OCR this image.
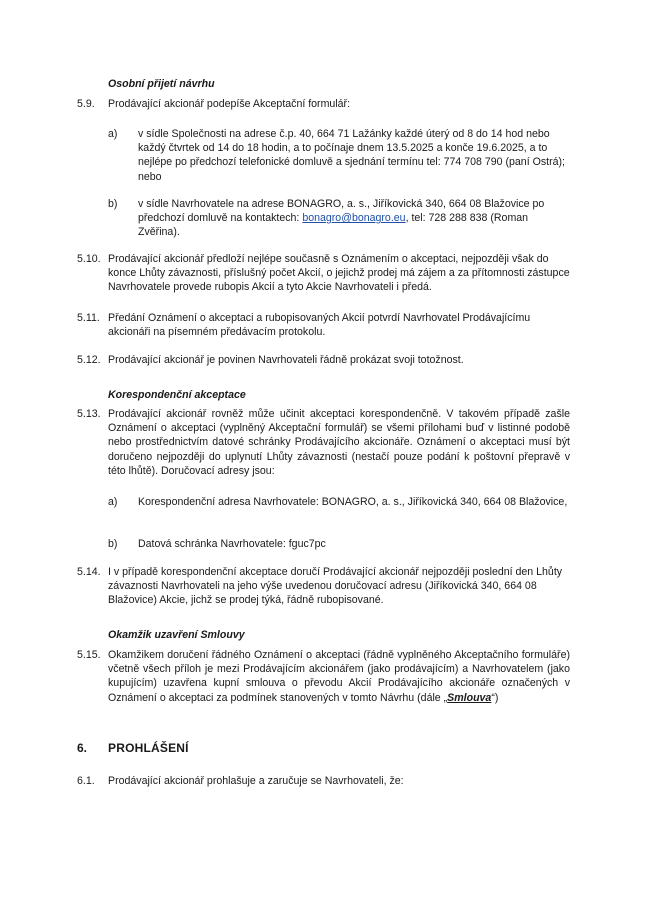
Osobní přijetí návrhu
5.9. Prodávající akcionář podepíše Akceptační formulář:
a) v sídle Společnosti na adrese č.p. 40, 664 71 Lažánky každé úterý od 8 do 14 hod nebo každý čtvrtek od 14 do 18 hodin, a to počínaje dnem 13.5.2025 a konče 19.6.2025, a to nejlépe po předchozí telefonické domluvě a sjednání termínu tel: 774 708 790 (paní Ostrá); nebo
b) v sídle Navrhovatele na adrese BONAGRO, a. s., Jiříkovická 340, 664 08 Blažovice po předchozí domluvě na kontaktech: bonagro@bonagro.eu, tel: 728 288 838 (Roman Zvěřina).
5.10. Prodávající akcionář předloží nejlépe současně s Oznámením o akceptaci, nejpozději však do konce Lhůty závaznosti, příslušný počet Akcií, o jejichž prodej má zájem a za přítomnosti zástupce Navrhovatele provede rubopis Akcií a tyto Akcie Navrhovateli i předá.
5.11. Předání Oznámení o akceptaci a rubopisovaných Akcií potvrdí Navrhovatel Prodávajícímu akcionáři na písemném předávacím protokolu.
5.12. Prodávající akcionář je povinen Navrhovateli řádně prokázat svoji totožnost.
Korespondenční akceptace
5.13. Prodávající akcionář rovněž může učinit akceptaci korespondenčně. V takovém případě zašle Oznámení o akceptaci (vyplněný Akceptační formulář) se všemi přílohami buď v listinné podobě nebo prostřednictvím datové schránky Prodávajícího akcionáře. Oznámení o akceptaci musí být doručeno nejpozději do uplynutí Lhůty závaznosti (nestačí pouze podání k poštovní přepravě v této lhůtě). Doručovací adresy jsou:
a) Korespondenční adresa Navrhovatele: BONAGRO, a. s., Jiříkovická 340, 664 08 Blažovice,
b) Datová schránka Navrhovatele: fguc7pc
5.14. I v případě korespondenční akceptace doručí Prodávající akcionář nejpozději poslední den Lhůty závaznosti Navrhovateli na jeho výše uvedenou doručovací adresu (Jiříkovická 340, 664 08 Blažovice) Akcie, jichž se prodej týká, řádně rubopisované.
Okamžik uzavření Smlouvy
5.15. Okamžikem doručení řádného Oznámení o akceptaci (řádně vyplněného Akceptačního formuláře) včetně všech příloh je mezi Prodávajícím akcionářem (jako prodávajícím) a Navrhovatelem (jako kupujícím) uzavřena kupní smlouva o převodu Akcií Prodávajícího akcionáře označených v Oznámení o akceptaci za podmínek stanovených v tomto Návrhu (dále „Smlouva“)
6. PROHLÁŠENÍ
6.1. Prodávající akcionář prohlašuje a zaručuje se Navrhovateli, že:
